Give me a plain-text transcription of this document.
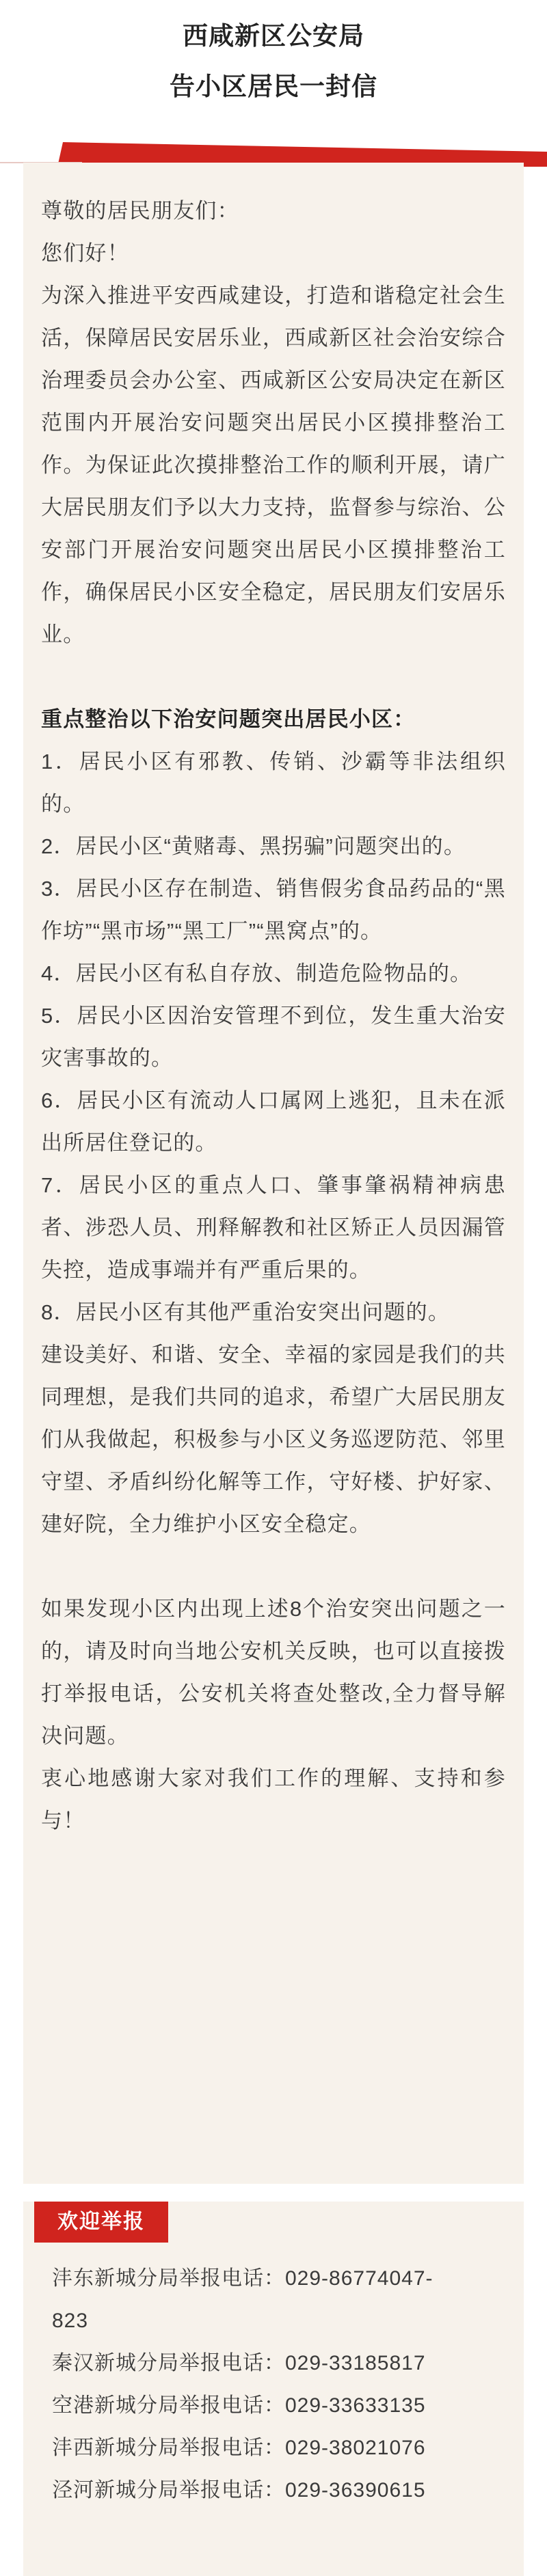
西咸新区公安局
告小区居民一封信

尊敬的居民朋友们：

您们好！

为深入推进平安西咸建设，打造和谐稳定社会生活，保障居民安居乐业，西咸新区社会治安综合治理委员会办公室、西咸新区公安局决定在新区范围内开展治安问题突出居民小区摸排整治工作。为保证此次摸排整治工作的顺利开展，请广大居民朋友们予以大力支持，监督参与综治、公安部门开展治安问题突出居民小区摸排整治工作，确保居民小区安全稳定，居民朋友们安居乐业。

重点整治以下治安问题突出居民小区：

1．居民小区有邪教、传销、沙霸等非法组织的。

2．居民小区“黄赌毒、黑拐骗”问题突出的。

3．居民小区存在制造、销售假劣食品药品的“黑作坊”“黑市场”“黑工厂”“黑窝点”的。

4．居民小区有私自存放、制造危险物品的。

5．居民小区因治安管理不到位，发生重大治安灾害事故的。

6．居民小区有流动人口属网上逃犯，且未在派出所居住登记的。

7．居民小区的重点人口、肇事肇祸精神病患者、涉恐人员、刑释解教和社区矫正人员因漏管失控，造成事端并有严重后果的。

8．居民小区有其他严重治安突出问题的。

建设美好、和谐、安全、幸福的家园是我们的共同理想，是我们共同的追求，希望广大居民朋友们从我做起，积极参与小区义务巡逻防范、邻里守望、矛盾纠纷化解等工作，守好楼、护好家、建好院，全力维护小区安全稳定。

如果发现小区内出现上述8个治安突出问题之一的，请及时向当地公安机关反映，也可以直接拨打举报电话，公安机关将查处整改,全力督导解决问题。

衷心地感谢大家对我们工作的理解、支持和参与！

欢迎举报
沣东新城分局举报电话：029-86774047-
823
秦汉新城分局举报电话：029-33185817
空港新城分局举报电话：029-33633135
沣西新城分局举报电话：029-38021076
泾河新城分局举报电话：029-36390615
